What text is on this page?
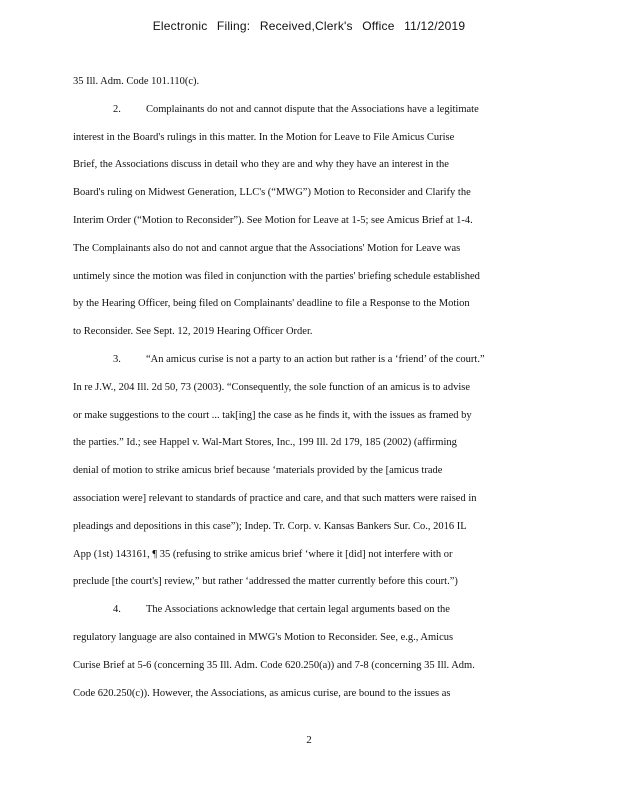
Electronic Filing: Received,Clerk's Office 11/12/2019
35 Ill. Adm. Code 101.110(c).
2. Complainants do not and cannot dispute that the Associations have a legitimate
interest in the Board's rulings in this matter. In the Motion for Leave to File Amicus Curise
Brief, the Associations discuss in detail who they are and why they have an interest in the
Board's ruling on Midwest Generation, LLC's (“MWG”) Motion to Reconsider and Clarify the
Interim Order (“Motion to Reconsider”). See Motion for Leave at 1-5; see Amicus Brief at 1-4.
The Complainants also do not and cannot argue that the Associations' Motion for Leave was
untimely since the motion was filed in conjunction with the parties' briefing schedule established
by the Hearing Officer, being filed on Complainants' deadline to file a Response to the Motion
to Reconsider. See Sept. 12, 2019 Hearing Officer Order.
3. “An amicus curise is not a party to an action but rather is a ‘friend’ of the court.”
In re J.W., 204 Ill. 2d 50, 73 (2003). “Consequently, the sole function of an amicus is to advise
or make suggestions to the court ... tak[ing] the case as he finds it, with the issues as framed by
the parties.” Id.; see Happel v. Wal-Mart Stores, Inc., 199 Ill. 2d 179, 185 (2002) (affirming
denial of motion to strike amicus brief because ‘materials provided by the [amicus trade
association were] relevant to standards of practice and care, and that such matters were raised in
pleadings and depositions in this case”); Indep. Tr. Corp. v. Kansas Bankers Sur. Co., 2016 IL
App (1st) 143161, ¶ 35 (refusing to strike amicus brief ‘where it [did] not interfere with or
preclude [the court's] review,” but rather ‘addressed the matter currently before this court.”)
4. The Associations acknowledge that certain legal arguments based on the
regulatory language are also contained in MWG's Motion to Reconsider. See, e.g., Amicus
Curise Brief at 5-6 (concerning 35 Ill. Adm. Code 620.250(a)) and 7-8 (concerning 35 Ill. Adm.
Code 620.250(c)). However, the Associations, as amicus curise, are bound to the issues as
2
